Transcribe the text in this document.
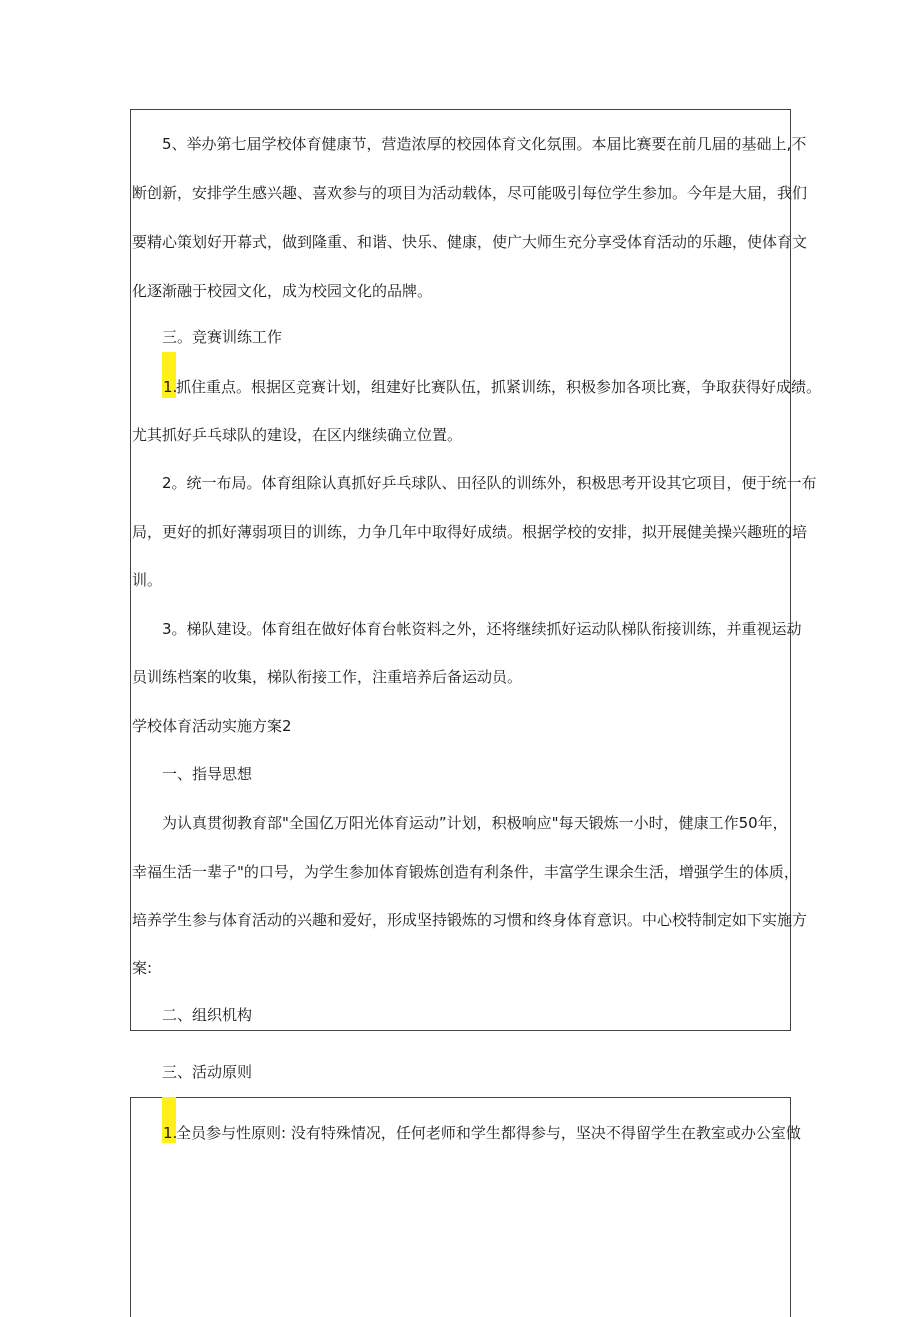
5、举办第七届学校体育健康节，营造浓厚的校园体育文化氛围。本届比赛要在前几届的基础上,不
断创新，安排学生感兴趣、喜欢参与的项目为活动载体，尽可能吸引每位学生参加。今年是大届，我们
要精心策划好开幕式，做到隆重、和谐、快乐、健康，使广大师生充分享受体育活动的乐趣，使体育文
化逐渐融于校园文化，成为校园文化的品牌。
三。竞赛训练工作
1.
抓住重点。根据区竞赛计划，组建好比赛队伍，抓紧训练，积极参加各项比赛，争取获得好成绩。
尤其抓好乒乓球队的建设，在区内继续确立位置。
2。统一布局。体育组除认真抓好乒乓球队、田径队的训练外，积极思考开设其它项目，便于统一布
局，更好的抓好薄弱项目的训练，力争几年中取得好成绩。根据学校的安排，拟开展健美操兴趣班的培
训。
3。梯队建设。体育组在做好体育台帐资料之外，还将继续抓好运动队梯队衔接训练，并重视运动
员训练档案的收集，梯队衔接工作，注重培养后备运动员。
学校体育活动实施方案2
一、指导思想
为认真贯彻教育部"全国亿万阳光体育运动”计划，积极响应"每天锻炼一小时，健康工作50年，
幸福生活一辈子"的口号，为学生参加体育锻炼创造有利条件，丰富学生课余生活，增强学生的体质，
培养学生参与体育活动的兴趣和爱好，形成坚持锻炼的习惯和终身体育意识。中心校特制定如下实施方
案:
二、组织机构
三、活动原则
1.
全员参与性原则: 没有特殊情况，任何老师和学生都得参与，坚决不得留学生在教室或办公室做
